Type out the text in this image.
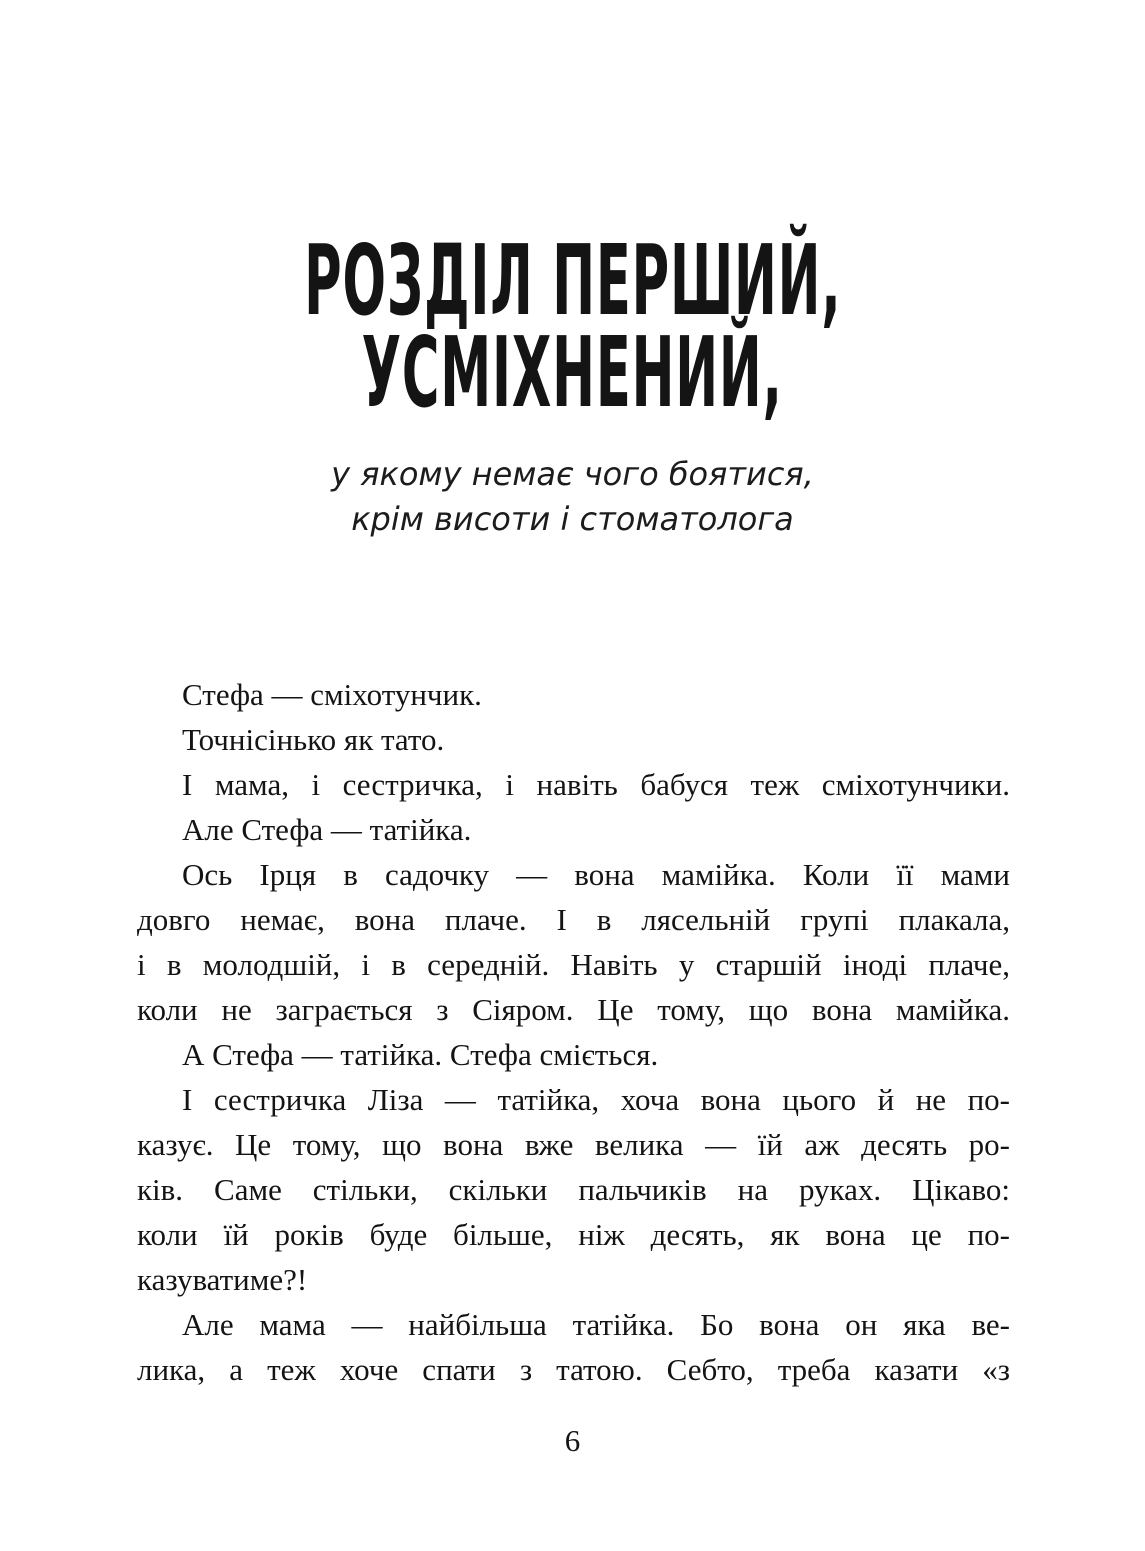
РОЗДІЛ ПЕРШИЙ,
УСМІХНЕНИЙ,
у якому немає чого боятися,
крім висоти і стоматолога
Стефа — сміхотунчик.
Точнісінько як тато.
І мама, і сестричка, і навіть бабуся теж сміхотунчики.
Але Стефа — татійка.
Ось Ірця в садочку — вона мамійка. Коли її мами
довго немає, вона плаче. І в лясельній групі плакала,
і в молодшій, і в середній. Навіть у старшій іноді плаче,
коли не заграється з Сіяром. Це тому, що вона мамійка.
А Стефа — татійка. Стефа сміється.
І сестричка Ліза — татійка, хоча вона цього й не по-
казує. Це тому, що вона вже велика — їй аж десять ро-
ків. Саме стільки, скільки пальчиків на руках. Цікаво:
коли їй років буде більше, ніж десять, як вона це по-
казуватиме?!
Але мама — найбільша татійка. Бо вона он яка ве-
лика, а теж хоче спати з татою. Себто, треба казати «з
6
